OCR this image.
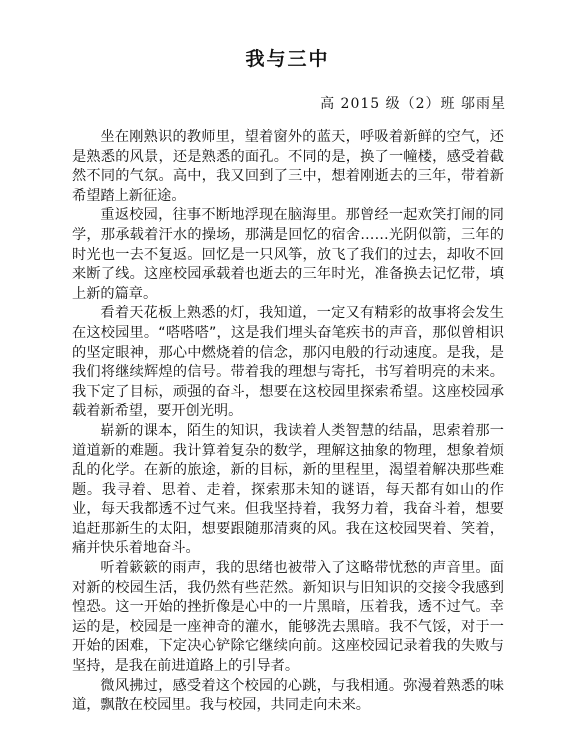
我与三中
高 2015 级（2）班 邬雨星

坐在刚熟识的教师里，望着窗外的蓝天，呼吸着新鲜的空气，还是熟悉的风景，还是熟悉的面孔。不同的是，换了一幢楼，感受着截然不同的气氛。高中，我又回到了三中，想着刚逝去的三年，带着新希望踏上新征途。

重返校园，往事不断地浮现在脑海里。那曾经一起欢笑打闹的同学，那承载着汗水的操场，那满是回忆的宿舍……光阴似箭，三年的时光也一去不复返。回忆是一只风筝，放飞了我们的过去，却收不回来断了线。这座校园承载着也逝去的三年时光，准备换去记忆带，填上新的篇章。

看着天花板上熟悉的灯，我知道，一定又有精彩的故事将会发生在这校园里。“嗒嗒嗒”，这是我们埋头奋笔疾书的声音，那似曾相识的坚定眼神，那心中燃烧着的信念，那闪电般的行动速度。是我，是我们将继续辉煌的信号。带着我的理想与寄托，书写着明亮的未来。我下定了目标，顽强的奋斗，想要在这校园里探索希望。这座校园承载着新希望，要开创光明。

崭新的课本，陌生的知识，我读着人类智慧的结晶，思索着那一道道新的难题。我计算着复杂的数学，理解这抽象的物理，想象着烦乱的化学。在新的旅途，新的目标，新的里程里，渴望着解决那些难题。我寻着、思着、走着，探索那未知的谜语，每天都有如山的作业，每天我都透不过气来。但我坚持着，我努力着，我奋斗着，想要追赶那新生的太阳，想要跟随那清爽的风。我在这校园哭着、笑着，痛并快乐着地奋斗。

听着簌簌的雨声，我的思绪也被带入了这略带忧愁的声音里。面对新的校园生活，我仍然有些茫然。新知识与旧知识的交接令我感到惶恐。这一开始的挫折像是心中的一片黑暗，压着我，透不过气。幸运的是，校园是一座神奇的灌水，能够洗去黑暗。我不气馁，对于一开始的困难，下定决心铲除它继续向前。这座校园记录着我的失败与坚持，是我在前进道路上的引导者。

微风拂过，感受着这个校园的心跳，与我相通。弥漫着熟悉的味道，飘散在校园里。我与校园，共同走向未来。
